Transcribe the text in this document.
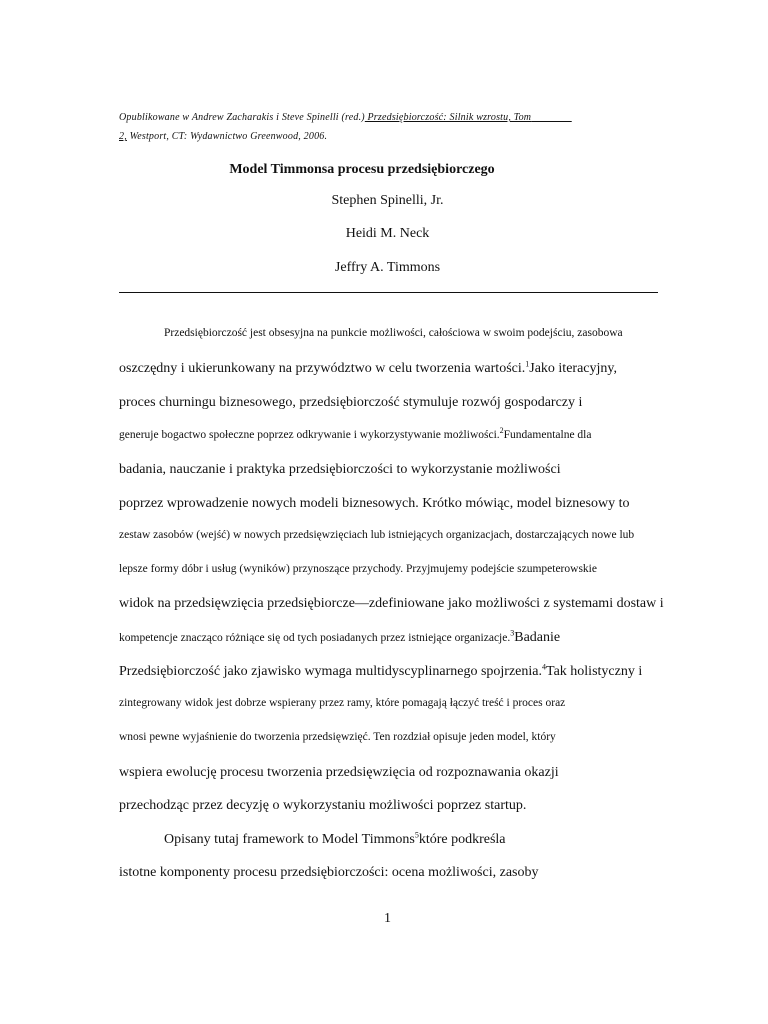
Opublikowane w Andrew Zacharakis i Steve Spinelli (red.) Przedsiębiorczość: Silnik wzrostu, Tom
2, Westport, CT: Wydawnictwo Greenwood, 2006.
Model Timmonsa procesu przedsiębiorczego
Stephen Spinelli, Jr.
Heidi M. Neck
Jeffry A. Timmons
Przedsiębiorczość jest obsesyjna na punkcie możliwości, całościowa w swoim podejściu, zasobowa
oszczędny i ukierunkowany na przywództwo w celu tworzenia wartości.$^1$Jako iteracyjny,
proces churningu biznesowego, przedsiębiorczość stymuluje rozwój gospodarczy i
generuje bogactwo społeczne poprzez odkrywanie i wykorzystywanie możliwości.$^2$Fundamentalne dla
badania, nauczanie i praktyka przedsiębiorczości to wykorzystanie możliwości
poprzez wprowadzenie nowych modeli biznesowych. Krótko mówiąc, model biznesowy to
zestaw zasobów (wejść) w nowych przedsięwzięciach lub istniejących organizacjach, dostarczających nowe lub
lepsze formy dóbr i usług (wyników) przynoszące przychody. Przyjmujemy podejście szumpeterowskie
widok na przedsięwzięcia przedsiębiorcze—zdefiniowane jako możliwości z systemami dostaw i
kompetencje znacząco różniące się od tych posiadanych przez istniejące organizacje.$^3$Badanie
Przedsiębiorczość jako zjawisko wymaga multidyscyplinarnego spojrzenia.$^4$Tak holistyczny i
zintegrowany widok jest dobrze wspierany przez ramy, które pomagają łączyć treść i proces oraz
wnosi pewne wyjaśnienie do tworzenia przedsięwzięć. Ten rozdział opisuje jeden model, który
wspiera ewolucję procesu tworzenia przedsięwzięcia od rozpoznawania okazji
przechodząc przez decyzję o wykorzystaniu możliwości poprzez startup.
Opisany tutaj framework to Model Timmons$^5$które podkreśla
istotne komponenty procesu przedsiębiorczości: ocena możliwości, zasoby
1
